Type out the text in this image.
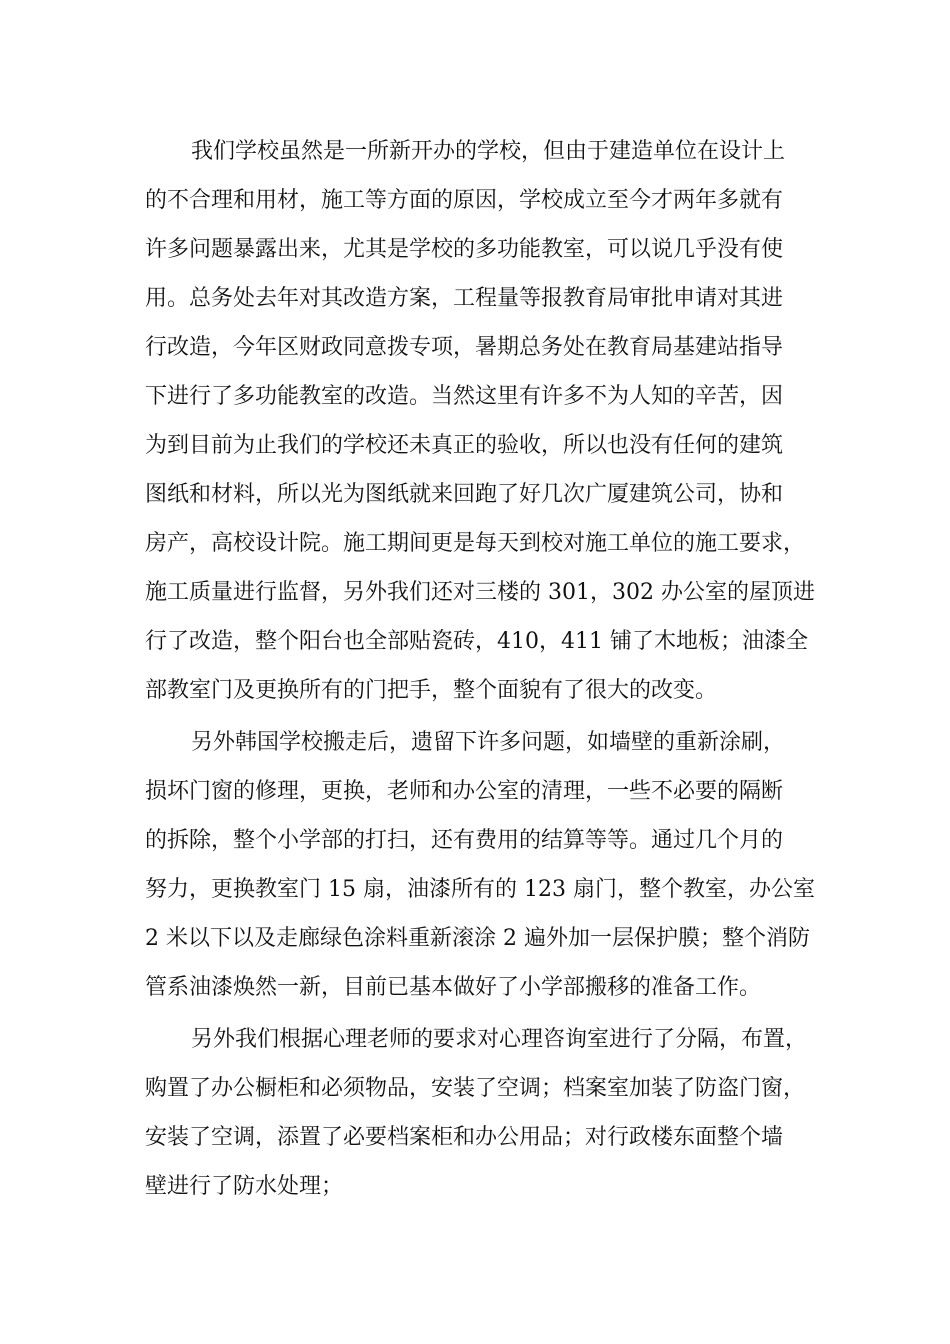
我们学校虽然是一所新开办的学校，但由于建造单位在设计上
的不合理和用材，施工等方面的原因，学校成立至今才两年多就有
许多问题暴露出来，尤其是学校的多功能教室，可以说几乎没有使
用。总务处去年对其改造方案，工程量等报教育局审批申请对其进
行改造，今年区财政同意拨专项，暑期总务处在教育局基建站指导
下进行了多功能教室的改造。当然这里有许多不为人知的辛苦，因
为到目前为止我们的学校还未真正的验收，所以也没有任何的建筑
图纸和材料，所以光为图纸就来回跑了好几次广厦建筑公司，协和
房产，高校设计院。施工期间更是每天到校对施工单位的施工要求，
施工质量进行监督，另外我们还对三楼的 301，302 办公室的屋顶进
行了改造，整个阳台也全部贴瓷砖，410，411 铺了木地板；油漆全
部教室门及更换所有的门把手，整个面貌有了很大的改变。
另外韩国学校搬走后，遗留下许多问题，如墙壁的重新涂刷，
损坏门窗的修理，更换，老师和办公室的清理，一些不必要的隔断
的拆除，整个小学部的打扫，还有费用的结算等等。通过几个月的
努力，更换教室门 15 扇，油漆所有的 123 扇门，整个教室，办公室
2 米以下以及走廊绿色涂料重新滚涂 2 遍外加一层保护膜；整个消防
管系油漆焕然一新，目前已基本做好了小学部搬移的准备工作。
另外我们根据心理老师的要求对心理咨询室进行了分隔，布置，
购置了办公橱柜和必须物品，安装了空调；档案室加装了防盗门窗，
安装了空调，添置了必要档案柜和办公用品；对行政楼东面整个墙
壁进行了防水处理；
